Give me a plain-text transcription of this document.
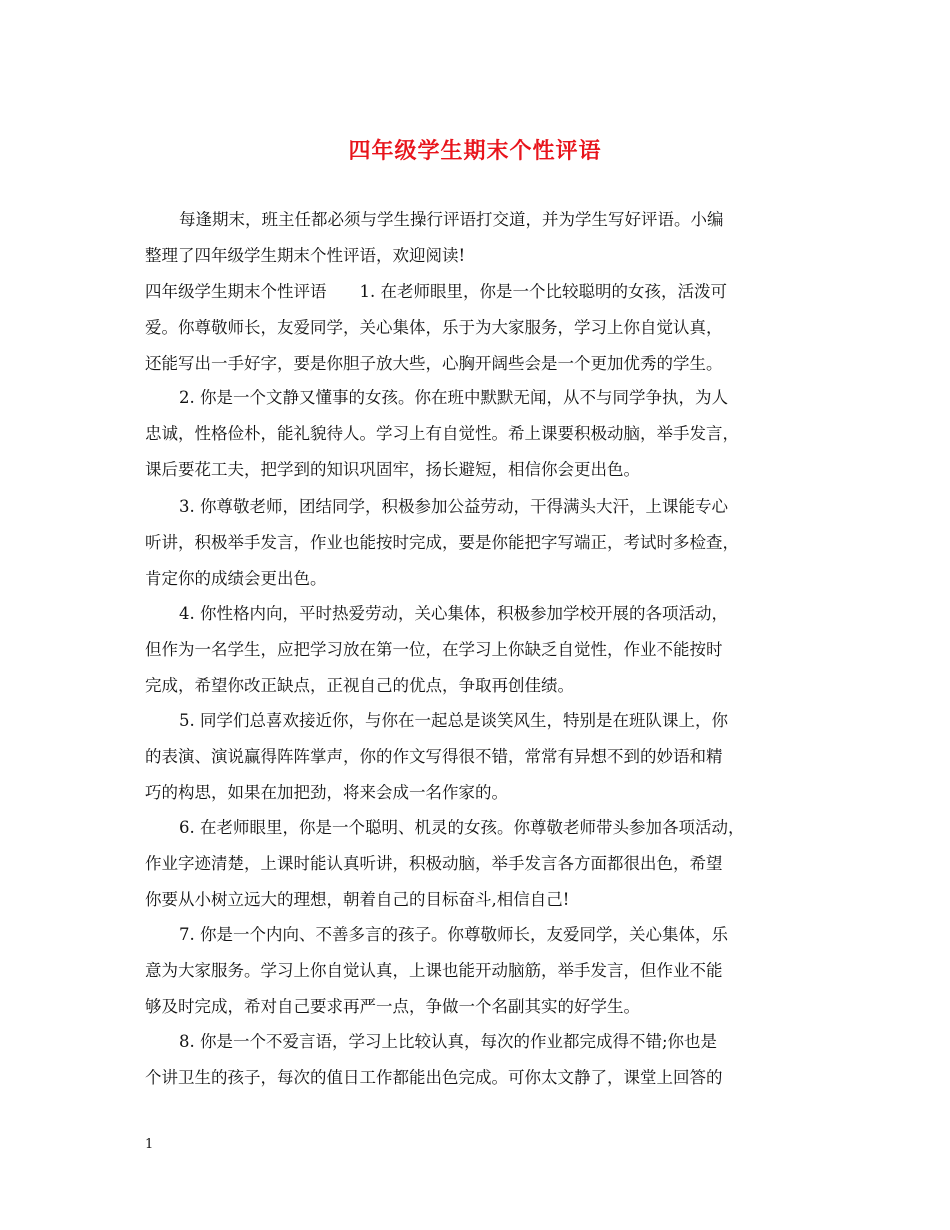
四年级学生期末个性评语
每逢期末，班主任都必须与学生操行评语打交道，并为学生写好评语。小编
整理了四年级学生期末个性评语，欢迎阅读!
四年级学生期末个性评语　　1. 在老师眼里，你是一个比较聪明的女孩，活泼可
爱。你尊敬师长，友爱同学，关心集体，乐于为大家服务，学习上你自觉认真，
还能写出一手好字，要是你胆子放大些，心胸开阔些会是一个更加优秀的学生。
2. 你是一个文静又懂事的女孩。你在班中默默无闻，从不与同学争执，为人
忠诚，性格俭朴，能礼貌待人。学习上有自觉性。希上课要积极动脑，举手发言，
课后要花工夫，把学到的知识巩固牢，扬长避短，相信你会更出色。
3. 你尊敬老师，团结同学，积极参加公益劳动，干得满头大汗，上课能专心
听讲，积极举手发言，作业也能按时完成，要是你能把字写端正，考试时多检查，
肯定你的成绩会更出色。
4. 你性格内向，平时热爱劳动，关心集体，积极参加学校开展的各项活动，
但作为一名学生，应把学习放在第一位，在学习上你缺乏自觉性，作业不能按时
完成，希望你改正缺点，正视自己的优点，争取再创佳绩。
5. 同学们总喜欢接近你，与你在一起总是谈笑风生，特别是在班队课上，你
的表演、演说赢得阵阵掌声，你的作文写得很不错，常常有异想不到的妙语和精
巧的构思，如果在加把劲，将来会成一名作家的。
6. 在老师眼里，你是一个聪明、机灵的女孩。你尊敬老师带头参加各项活动，
作业字迹清楚，上课时能认真听讲，积极动脑，举手发言各方面都很出色，希望
你要从小树立远大的理想，朝着自己的目标奋斗,相信自己!
7. 你是一个内向、不善多言的孩子。你尊敬师长，友爱同学，关心集体，乐
意为大家服务。学习上你自觉认真，上课也能开动脑筋，举手发言，但作业不能
够及时完成，希对自己要求再严一点，争做一个名副其实的好学生。
8. 你是一个不爱言语，学习上比较认真，每次的作业都完成得不错;你也是
个讲卫生的孩子，每次的值日工作都能出色完成。可你太文静了，课堂上回答的
1
